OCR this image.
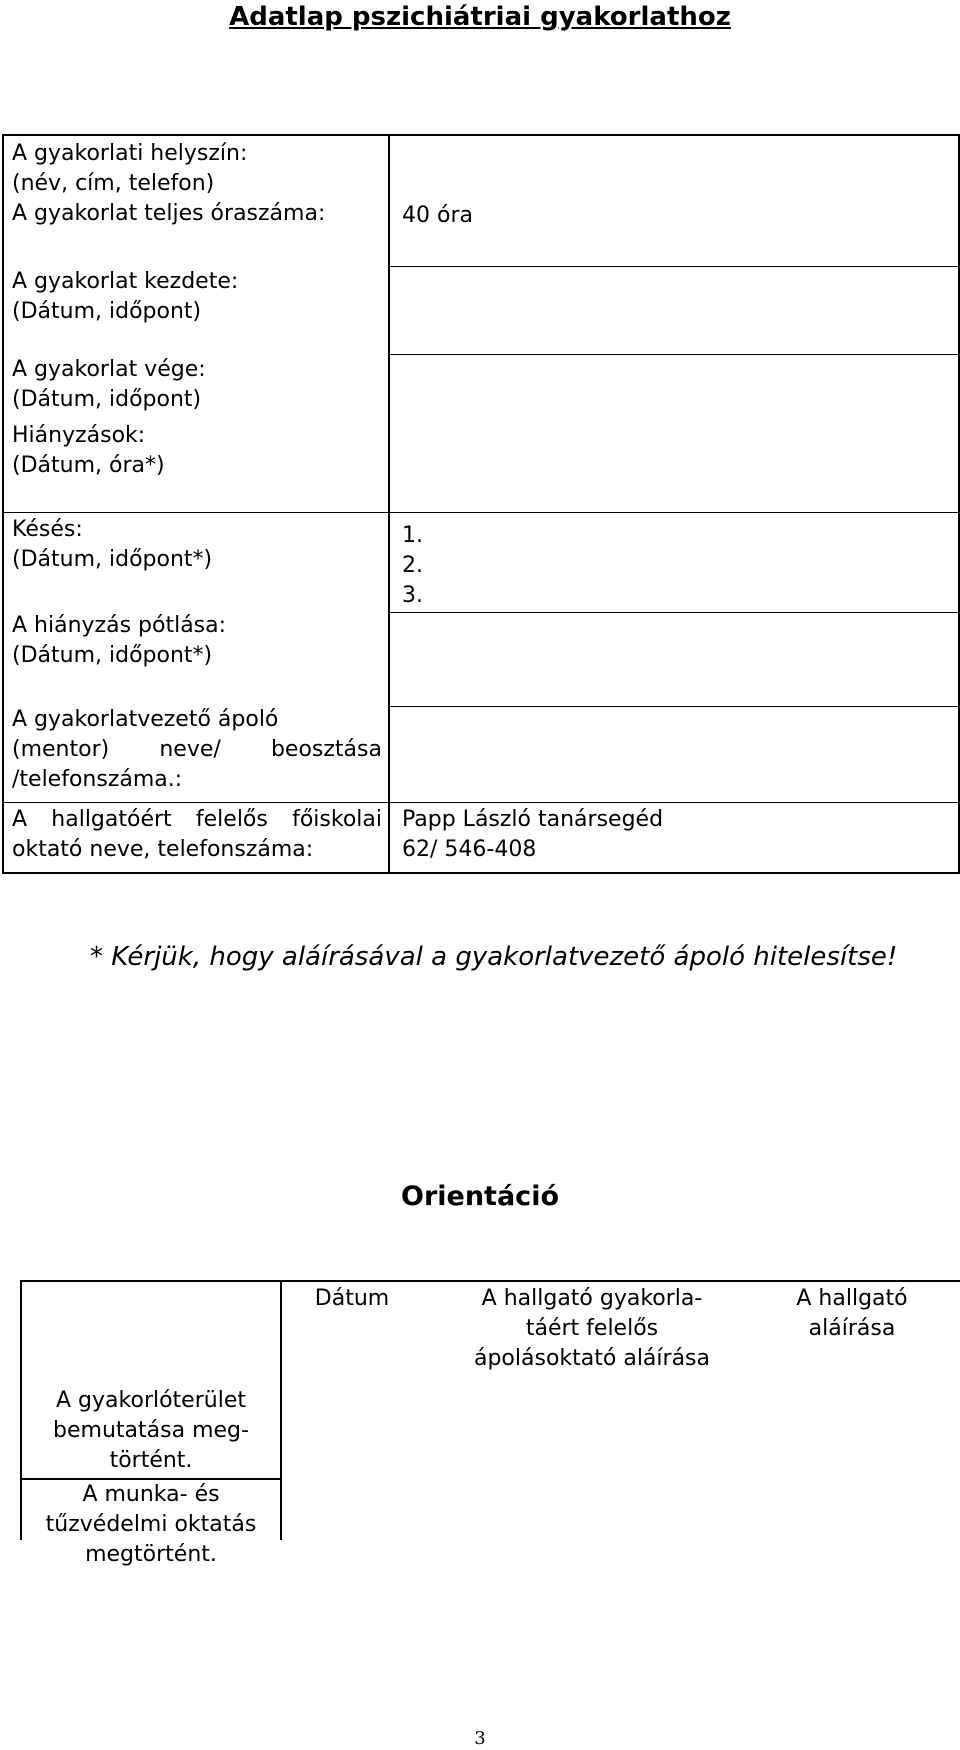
Adatlap pszichiátriai gyakorlathoz
A gyakorlati helyszín:
(név, cím, telefon)
A gyakorlat teljes óraszáma:
A gyakorlat kezdete:
(Dátum, időpont)
A gyakorlat vége:
(Dátum, időpont)
Hiányzások:
(Dátum, óra*)
Késés:
(Dátum, időpont*)
A hiányzás pótlása:
(Dátum, időpont*)
A gyakorlatvezető ápoló
(mentor) neve/ beosztása
/telefonszáma.:
A hallgatóért felelős főiskolai
oktató neve, telefonszáma:
40 óra
1.
2.
3.
Papp László tanársegéd
62/ 546-408
* Kérjük, hogy aláírásával a gyakorlatvezető ápoló hitelesítse!
Orientáció
Dátum	A hallgató gyakorla-
táért felelős
ápolásoktató aláírása
A hallgató
aláírása
A gyakorlóterület
bemutatása meg-
történt.
A munka- és
tűzvédelmi oktatás
megtörtént.
3
